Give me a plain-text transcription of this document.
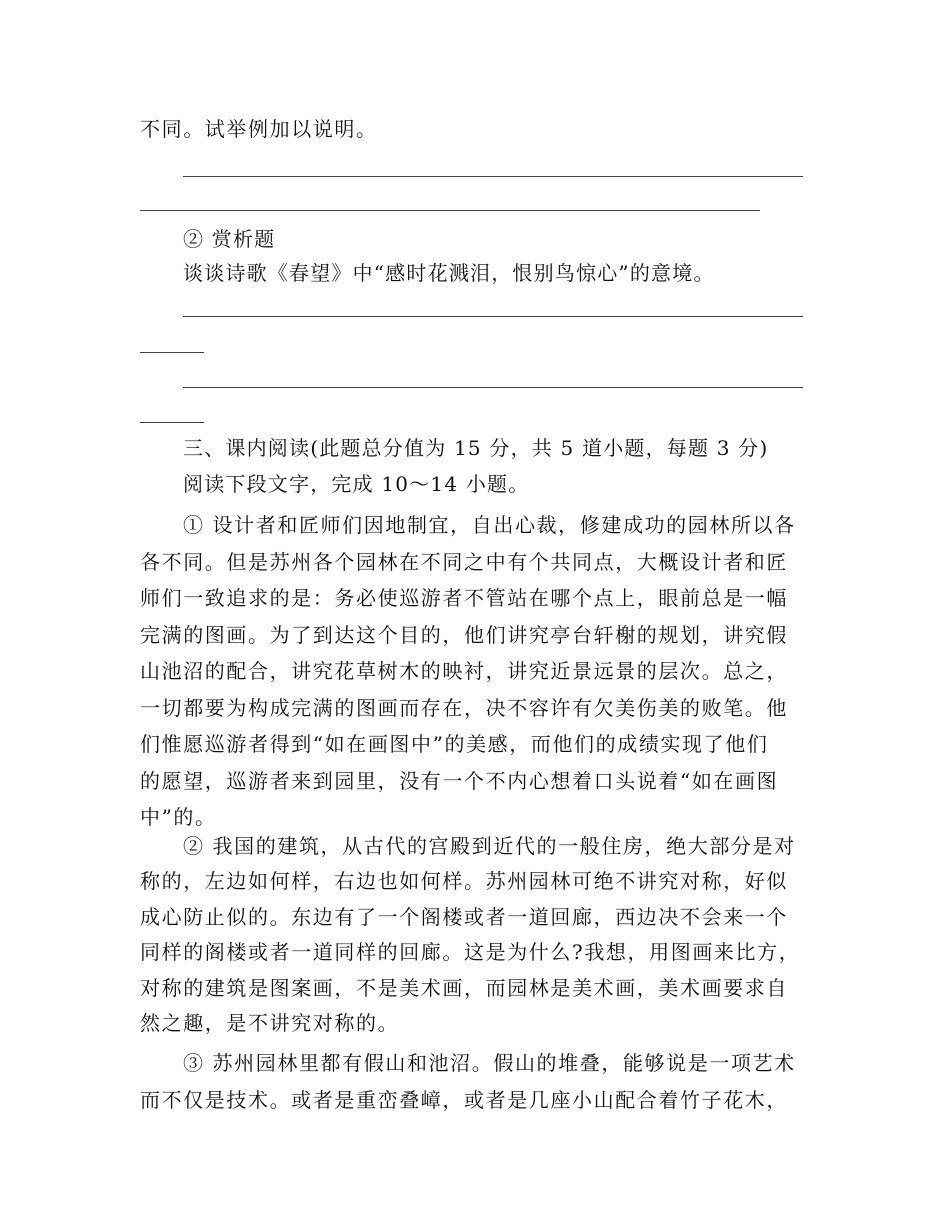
不同。试举例加以说明。
② 赏析题
谈谈诗歌《春望》中“感时花溅泪，恨别鸟惊心”的意境。
三、课内阅读(此题总分值为 15 分，共 5 道小题，每题 3 分)
阅读下段文字，完成 10～14 小题。
① 设计者和匠师们因地制宜，自出心裁，修建成功的园林所以各
各不同。但是苏州各个园林在不同之中有个共同点，大概设计者和匠
师们一致追求的是：务必使巡游者不管站在哪个点上，眼前总是一幅
完满的图画。为了到达这个目的，他们讲究亭台轩榭的规划，讲究假
山池沼的配合，讲究花草树木的映衬，讲究近景远景的层次。总之，
一切都要为构成完满的图画而存在，决不容许有欠美伤美的败笔。他
们惟愿巡游者得到“如在画图中”的美感，而他们的成绩实现了他们
的愿望，巡游者来到园里，没有一个不内心想着口头说着“如在画图
中”的。
② 我国的建筑，从古代的宫殿到近代的一般住房，绝大部分是对
称的，左边如何样，右边也如何样。苏州园林可绝不讲究对称，好似
成心防止似的。东边有了一个阁楼或者一道回廊，西边决不会来一个
同样的阁楼或者一道同样的回廊。这是为什么?我想，用图画来比方，
对称的建筑是图案画，不是美术画，而园林是美术画，美术画要求自
然之趣，是不讲究对称的。
③ 苏州园林里都有假山和池沼。假山的堆叠，能够说是一项艺术
而不仅是技术。或者是重峦叠嶂，或者是几座小山配合着竹子花木，
